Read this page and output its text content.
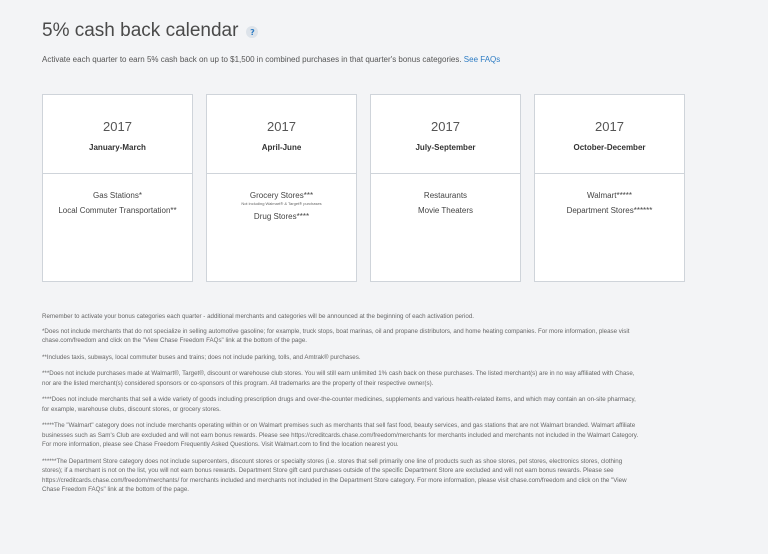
5% cash back calendar	?
Activate each quarter to earn 5% cash back on up to $1,500 in combined purchases in that quarter's bonus categories. See FAQs
2017
January-March
Gas Stations*
Local Commuter Transportation**
2017
April-June
Grocery Stores***
Not including Walmart® & Target® purchases
Drug Stores****
2017
July-September
Restaurants
Movie Theaters
2017
October-December
Walmart*****
Department Stores******

Remember to activate your bonus categories each quarter - additional merchants and categories will be announced at the beginning of each activation period.

*Does not include merchants that do not specialize in selling automotive gasoline; for example, truck stops, boat marinas, oil and propane distributors, and home heating companies. For more information, please visit chase.com/freedom and click on the "View Chase Freedom FAQs" link at the bottom of the page.

**Includes taxis, subways, local commuter buses and trains; does not include parking, tolls, and Amtrak® purchases.

***Does not include purchases made at Walmart®, Target®, discount or warehouse club stores. You will still earn unlimited 1% cash back on these purchases. The listed merchant(s) are in no way affiliated with Chase, nor are the listed merchant(s) considered sponsors or co-sponsors of this program. All trademarks are the property of their respective owner(s).

****Does not include merchants that sell a wide variety of goods including prescription drugs and over-the-counter medicines, supplements and various health-related items, and which may contain an on-site pharmacy, for example, warehouse clubs, discount stores, or grocery stores.

*****The "Walmart" category does not include merchants operating within or on Walmart premises such as merchants that sell fast food, beauty services, and gas stations that are not Walmart branded. Walmart affiliate businesses such as Sam's Club are excluded and will not earn bonus rewards. Please see https://creditcards.chase.com/freedom/merchants for merchants included and merchants not included in the Walmart Category. For more information, please see Chase Freedom Frequently Asked Questions. Visit Walmart.com to find the location nearest you.

******The Department Store category does not include supercenters, discount stores or specialty stores (i.e. stores that sell primarily one line of products such as shoe stores, pet stores, electronics stores, clothing stores); if a merchant is not on the list, you will not earn bonus rewards. Department Store gift card purchases outside of the specific Department Store are excluded and will not earn bonus rewards. Please see https://creditcards.chase.com/freedom/merchants/ for merchants included and merchants not included in the Department Store category. For more information, please visit chase.com/freedom and click on the "View Chase Freedom FAQs" link at the bottom of the page.
